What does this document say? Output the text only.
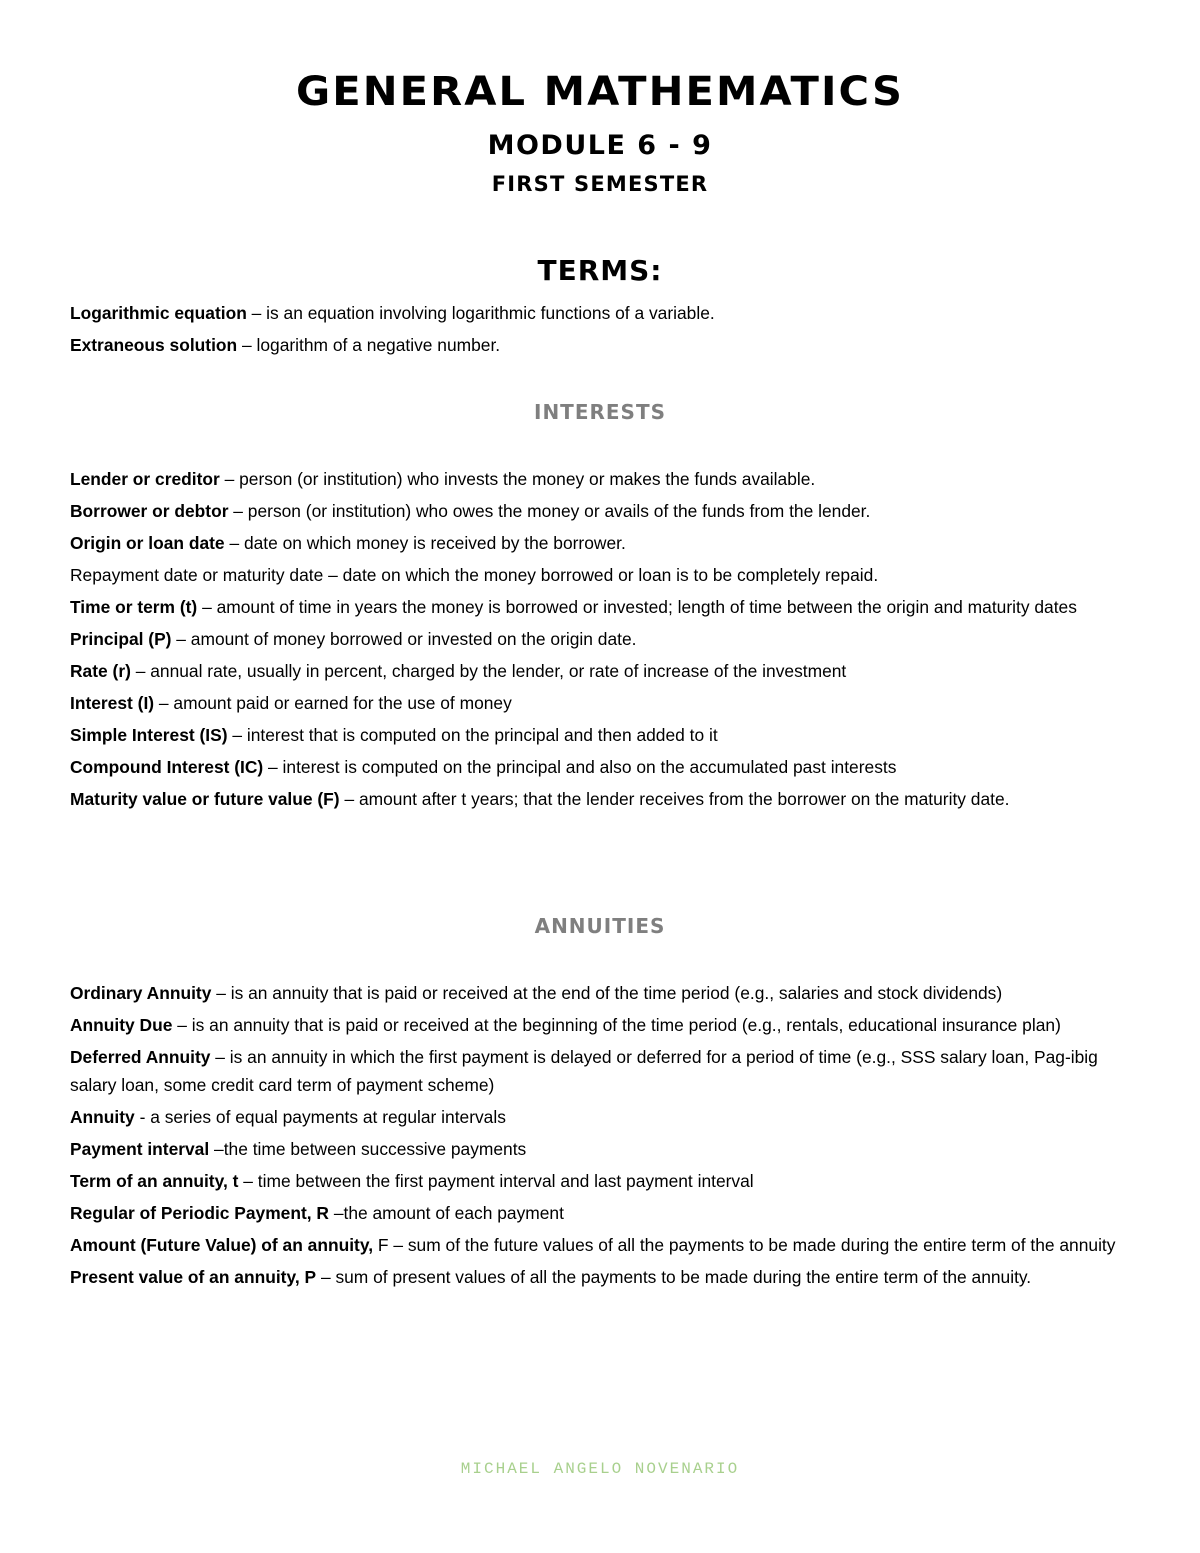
GENERAL MATHEMATICS
MODULE 6 - 9
FIRST SEMESTER
TERMS:
Logarithmic equation – is an equation involving logarithmic functions of a variable.
Extraneous solution – logarithm of a negative number.
INTERESTS
Lender or creditor – person (or institution) who invests the money or makes the funds available.
Borrower or debtor – person (or institution) who owes the money or avails of the funds from the lender.
Origin or loan date – date on which money is received by the borrower.
Repayment date or maturity date – date on which the money borrowed or loan is to be completely repaid.
Time or term (t) – amount of time in years the money is borrowed or invested; length of time between the origin and maturity dates
Principal (P) – amount of money borrowed or invested on the origin date.
Rate (r) – annual rate, usually in percent, charged by the lender, or rate of increase of the investment
Interest (I) – amount paid or earned for the use of money
Simple Interest (IS) – interest that is computed on the principal and then added to it
Compound Interest (IC) – interest is computed on the principal and also on the accumulated past interests
Maturity value or future value (F) – amount after t years; that the lender receives from the borrower on the maturity date.
ANNUITIES
Ordinary Annuity – is an annuity that is paid or received at the end of the time period (e.g., salaries and stock dividends)
Annuity Due – is an annuity that is paid or received at the beginning of the time period (e.g., rentals, educational insurance plan)
Deferred Annuity – is an annuity in which the first payment is delayed or deferred for a period of time (e.g., SSS salary loan, Pag-ibig salary loan, some credit card term of payment scheme)
Annuity - a series of equal payments at regular intervals
Payment interval –the time between successive payments
Term of an annuity, t – time between the first payment interval and last payment interval
Regular of Periodic Payment, R –the amount of each payment
Amount (Future Value) of an annuity, F – sum of the future values of all the payments to be made during the entire term of the annuity
Present value of an annuity, P – sum of present values of all the payments to be made during the entire term of the annuity.
MICHAEL ANGELO NOVENARIO
